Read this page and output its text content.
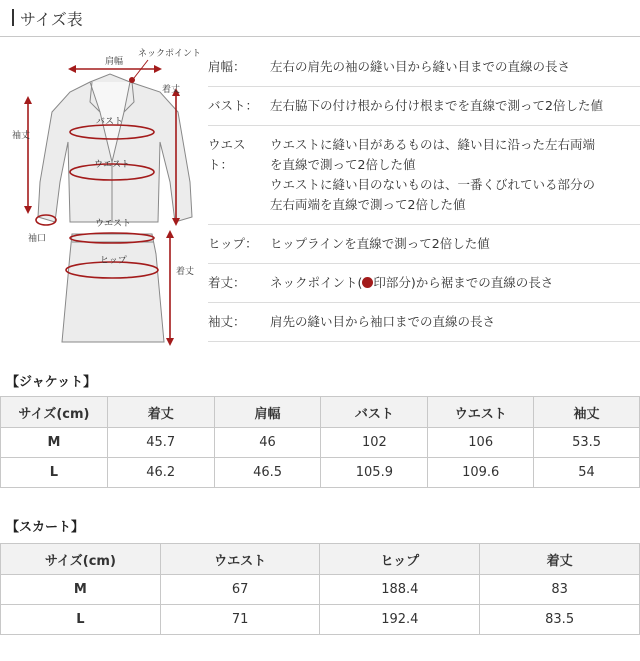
サイズ表
肩幅
ネックポイント
着丈
袖丈
バスト
ウエスト
袖口
ウエスト
ヒップ
着丈
肩幅：	左右の肩先の袖の縫い目から縫い目までの直線の長さ
バスト： 左右脇下の付け根から付け根までを直線で測って2倍した値
ウエスト：
ウエストに縫い目があるものは、縫い目に沿った左右両端
を直線で測って2倍した値
ウエストに縫い目のないものは、一番くびれている部分の
左右両端を直線で測って2倍した値
ヒップ： ヒップラインを直線で測って2倍した値
着丈：	ネックポイント( 印部分)から裾までの直線の長さ
袖丈：	肩先の縫い目から袖口までの直線の長さ
【ジャケット】
サイズ(cm)	着丈	肩幅	バスト	ウエスト	袖丈
M	45.7	46	102	106	53.5
L	46.2	46.5	105.9	109.6	54
【スカート】
サイズ(cm)	ウエスト	ヒップ	着丈
M	67	188.4	83
L	71	192.4	83.5
